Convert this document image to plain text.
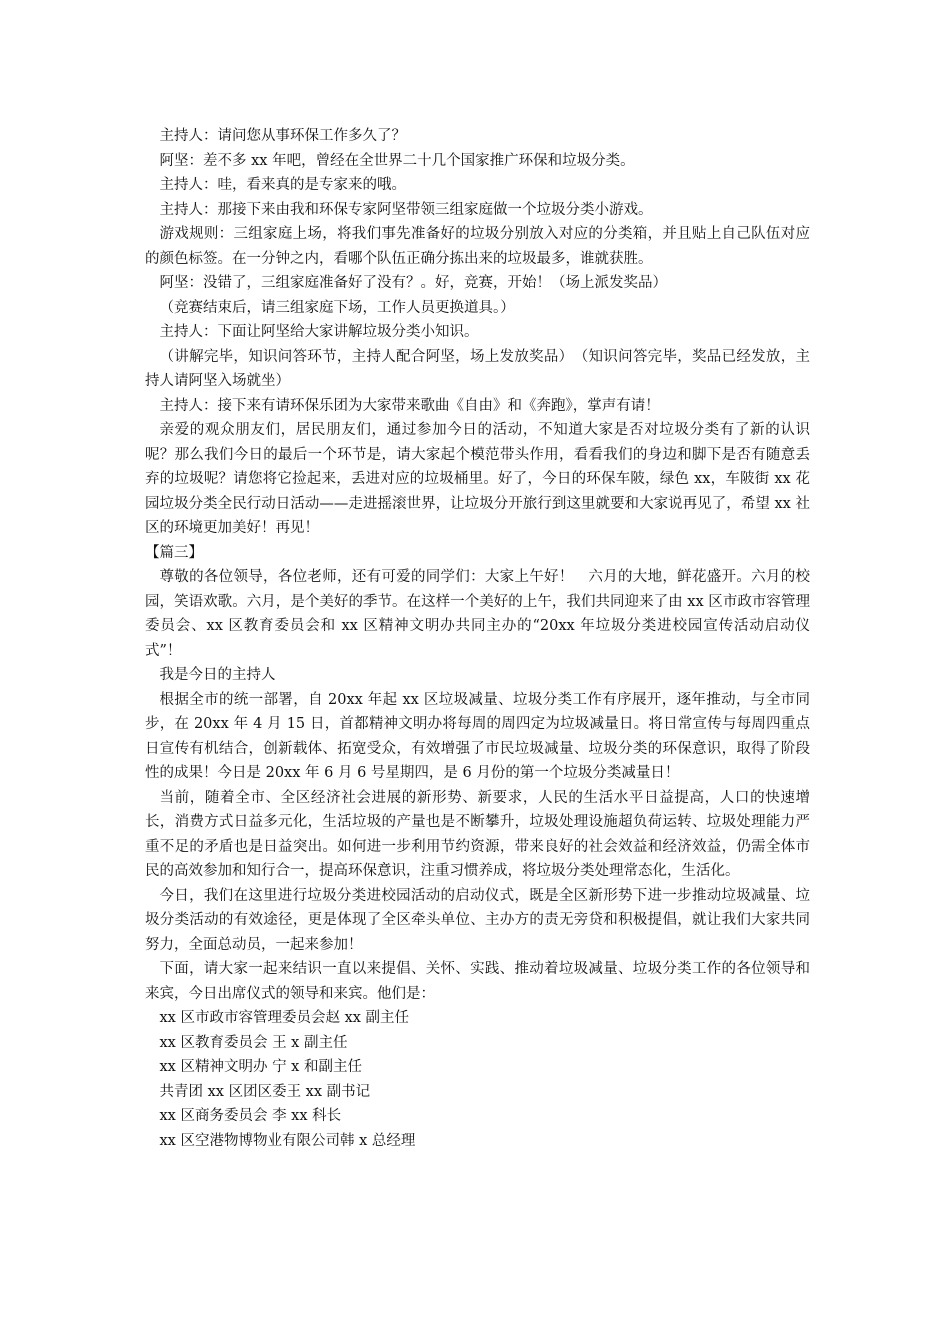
主持人：请问您从事环保工作多久了？

阿坚：差不多 xx 年吧，曾经在全世界二十几个国家推广环保和垃圾分类。

主持人：哇，看来真的是专家来的哦。

主持人：那接下来由我和环保专家阿坚带领三组家庭做一个垃圾分类小游戏。

游戏规则：三组家庭上场，将我们事先准备好的垃圾分别放入对应的分类箱，并且贴上自己队伍对应的颜色标签。在一分钟之内，看哪个队伍正确分拣出来的垃圾最多，谁就获胜。

阿坚：没错了，三组家庭准备好了没有？。好，竞赛，开始！（场上派发奖品）

（竞赛结束后，请三组家庭下场，工作人员更换道具。）

主持人：下面让阿坚给大家讲解垃圾分类小知识。

（讲解完毕，知识问答环节，主持人配合阿坚，场上发放奖品）　（知识问答完毕，奖品已经发放，主持人请阿坚入场就坐）

主持人：接下来有请环保乐团为大家带来歌曲《自由》和《奔跑》，掌声有请！

亲爱的观众朋友们，居民朋友们，通过参加今日的活动，不知道大家是否对垃圾分类有了新的认识呢？那么我们今日的最后一个环节是，请大家起个模范带头作用，看看我们的身边和脚下是否有随意丢弃的垃圾呢？请您将它捡起来，丢进对应的垃圾桶里。好了，今日的环保车陂，绿色 xx，车陂街 xx 花园垃圾分类全民行动日活动——走进摇滚世界，让垃圾分开旅行到这里就要和大家说再见了，希望 xx 社区的环境更加美好！再见！

【篇三】

尊敬的各位领导，各位老师，还有可爱的同学们：大家上午好！　六月的大地，鲜花盛开。六月的校园，笑语欢歌。六月，是个美好的季节。在这样一个美好的上午，我们共同迎来了由 xx 区市政市容管理委员会、xx 区教育委员会和 xx 区精神文明办共同主办的“20xx 年垃圾分类进校园宣传活动启动仪式”！

我是今日的主持人

根据全市的统一部署，自 20xx 年起 xx 区垃圾减量、垃圾分类工作有序展开，逐年推动，与全市同步，在 20xx 年 4 月 15 日，首都精神文明办将每周的周四定为垃圾减量日。将日常宣传与每周四重点日宣传有机结合，创新载体、拓宽受众，有效增强了市民垃圾减量、垃圾分类的环保意识，取得了阶段性的成果！今日是 20xx 年 6 月 6 号星期四，是 6 月份的第一个垃圾分类减量日！

当前，随着全市、全区经济社会进展的新形势、新要求，人民的生活水平日益提高，人口的快速增长，消费方式日益多元化，生活垃圾的产量也是不断攀升，垃圾处理设施超负荷运转、垃圾处理能力严重不足的矛盾也是日益突出。如何进一步利用节约资源，带来良好的社会效益和经济效益，仍需全体市民的高效参加和知行合一，提高环保意识，注重习惯养成，将垃圾分类处理常态化，生活化。

今日，我们在这里进行垃圾分类进校园活动的启动仪式，既是全区新形势下进一步推动垃圾减量、垃圾分类活动的有效途径，更是体现了全区牵头单位、主办方的责无旁贷和积极提倡，就让我们大家共同努力，全面总动员，一起来参加！

下面，请大家一起来结识一直以来提倡、关怀、实践、推动着垃圾减量、垃圾分类工作的各位领导和来宾，今日出席仪式的领导和来宾。他们是：

xx 区市政市容管理委员会赵 xx 副主任

xx 区教育委员会 王 x 副主任

xx 区精神文明办 宁 x 和副主任

共青团 xx 区团区委王 xx 副书记

xx 区商务委员会 李 xx 科长

xx 区空港物博物业有限公司韩 x 总经理
